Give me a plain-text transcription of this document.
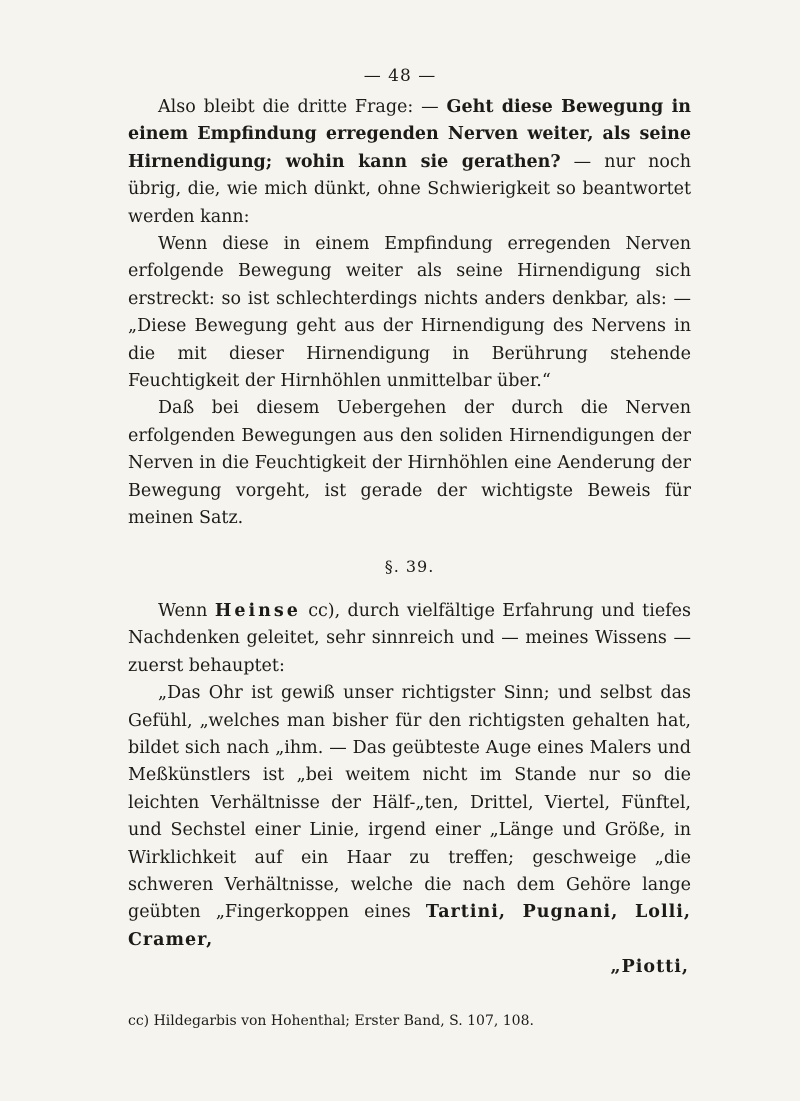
— 48 —

Also bleibt die dritte Frage: — Geht diese Bewegung in einem Empfindung erregenden Nerven weiter, als seine Hirnendigung; wohin kann sie gerathen? — nur noch übrig, die, wie mich dünkt, ohne Schwierigkeit so beantwortet werden kann:

Wenn diese in einem Empfindung erregenden Nerven erfolgende Bewegung weiter als seine Hirnendigung sich erstreckt: so ist schlechterdings nichts anders denkbar, als: — „Diese Bewegung geht aus der Hirnendigung des Nervens in die mit dieser Hirnendigung in Berührung stehende Feuchtigkeit der Hirnhöhlen unmittelbar über.“

Daß bei diesem Uebergehen der durch die Nerven erfolgenden Bewegungen aus den soliden Hirnendigungen der Nerven in die Feuchtigkeit der Hirnhöhlen eine Aenderung der Bewegung vorgeht, ist gerade der wichtigste Beweis für meinen Satz.

§. 39.

Wenn Heinse cc), durch vielfältige Erfahrung und tiefes Nachdenken geleitet, sehr sinnreich und — meines Wissens — zuerst behauptet:

„Das Ohr ist gewiß unser richtigster Sinn; und selbst das Gefühl, „welches man bisher für den richtigsten gehalten hat, bildet sich nach „ihm. — Das geübteste Auge eines Malers und Meßkünstlers ist „bei weitem nicht im Stande nur so die leichten Verhältnisse der Hälf-„ten, Drittel, Viertel, Fünftel, und Sechstel einer Linie, irgend einer „Länge und Größe, in Wirklichkeit auf ein Haar zu treffen; geschweige „die schweren Verhältnisse, welche die nach dem Gehöre lange geübten „Fingerkoppen eines Tartini, Pugnani, Lolli, Cramer,

„Piotti,

cc) Hildegarbis von Hohenthal; Erster Band, S. 107, 108.
